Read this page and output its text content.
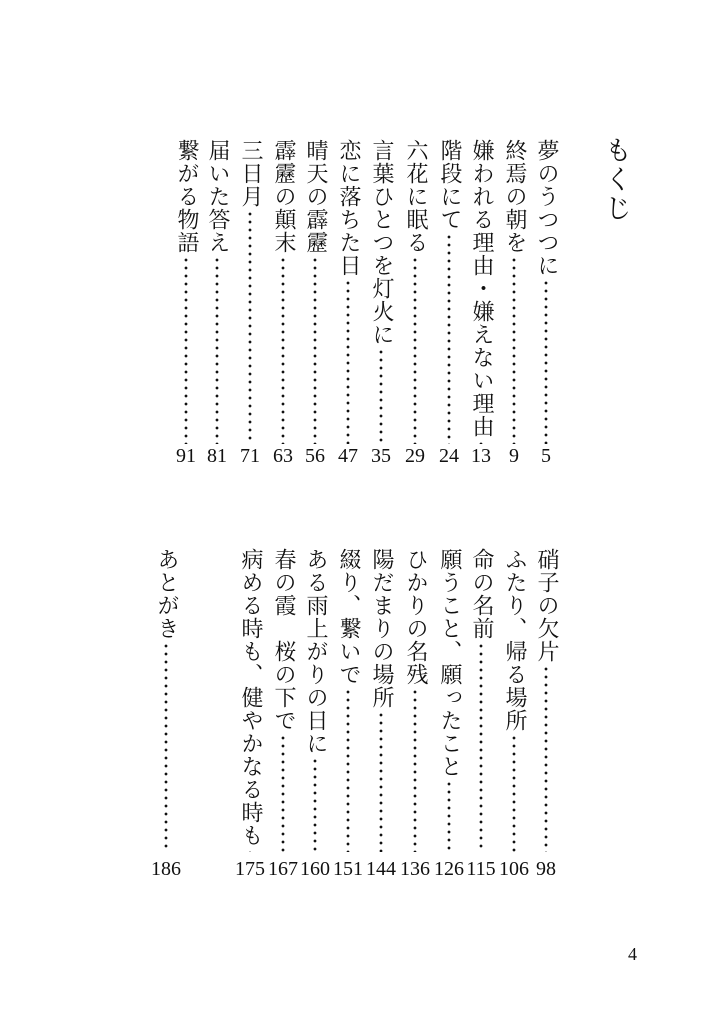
もくじ
夢のうつつに
5
終焉の朝を
9
嫌われる理由・嫌えない理由
13
階段にて
24
六花に眠る
29
言葉ひとつを灯火に
35
恋に落ちた日
47
晴天の霹靂
56
霹靂の顛末
63
三日月
71
届いた答え
81
繋がる物語
91
硝子の欠片
98
ふたり、帰る場所
106
命の名前
115
願うこと、願ったこと
126
ひかりの名残
136
陽だまりの場所
144
綴り、繋いで
151
ある雨上がりの日に
160
春の霞　桜の下で
167
病める時も、健やかなる時も
175
あとがき
186
4
